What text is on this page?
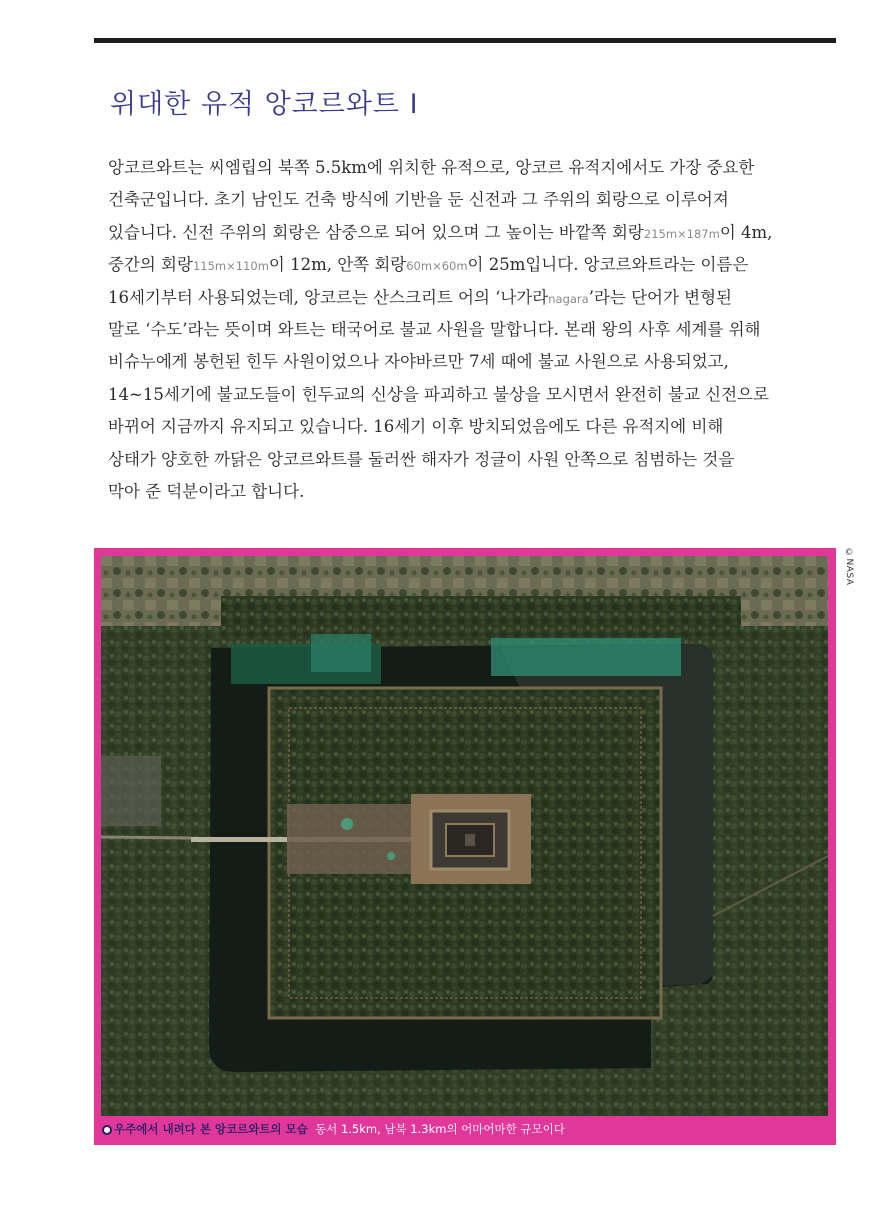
위대한 유적 앙코르와트 Ⅰ
앙코르와트는 씨엠립의 북쪽 5.5km에 위치한 유적으로, 앙코르 유적지에서도 가장 중요한
건축군입니다. 초기 남인도 건축 방식에 기반을 둔 신전과 그 주위의 회랑으로 이루어져
있습니다. 신전 주위의 회랑은 삼중으로 되어 있으며 그 높이는 바깥쪽 회랑215m×187m이 4m,
중간의 회랑115m×110m이 12m, 안쪽 회랑60m×60m이 25m입니다. 앙코르와트라는 이름은
16세기부터 사용되었는데, 앙코르는 산스크리트 어의 ‘나가라nagara’라는 단어가 변형된
말로 ‘수도’라는 뜻이며 와트는 태국어로 불교 사원을 말합니다. 본래 왕의 사후 세계를 위해
비슈누에게 봉헌된 힌두 사원이었으나 자야바르만 7세 때에 불교 사원으로 사용되었고,
14~15세기에 불교도들이 힌두교의 신상을 파괴하고 불상을 모시면서 완전히 불교 신전으로
바뀌어 지금까지 유지되고 있습니다. 16세기 이후 방치되었음에도 다른 유적지에 비해
상태가 양호한 까닭은 앙코르와트를 둘러싼 해자가 정글이 사원 안쪽으로 침범하는 것을
막아 준 덕분이라고 합니다.
우주에서 내려다 본 앙코르와트의 모습 동서 1.5km, 남북 1.3km의 어마어마한 규모이다
©NASA
